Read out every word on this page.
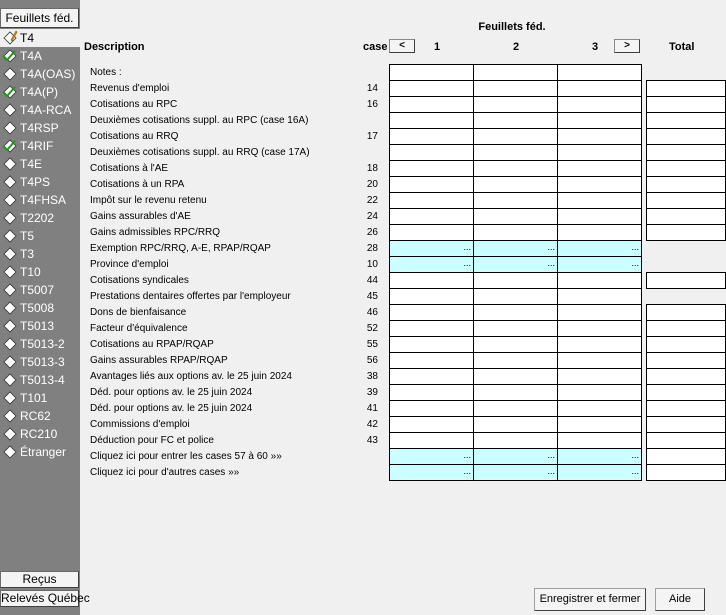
Feuillets féd.
T4
T4A
T4A(OAS)
T4A(P)
T4A-RCA
T4RSP
T4RIF
T4E
T4PS
T4FHSA
T2202
T5
T3
T10
T5007
T5008
T5013
T5013-2
T5013-3
T5013-4
T101
RC62
RC210
Étranger
Reçus
Relevés Québec
Feuillets féd.
Description	case	<	1	2	3	>	Total
Notes :
Revenus d'emploi	14
Cotisations au RPC	16
Deuxièmes cotisations suppl. au RPC (case 16A)
Cotisations au RRQ	17
Deuxièmes cotisations suppl. au RRQ (case 17A)
Cotisations à l'AE	18
Cotisations à un RPA	20
Impôt sur le revenu retenu	22
Gains assurables d'AE	24
Gains admissibles RPC/RRQ	26
Exemption RPC/RRQ, A-E, RPAP/RQAP	28	...	...	...
Province d'emploi	10	...	...	...
Cotisations syndicales	44
Prestations dentaires offertes par l'employeur	45
Dons de bienfaisance	46
Facteur d'équivalence	52
Cotisations au RPAP/RQAP	55
Gains assurables RPAP/RQAP	56
Avantages liés aux options av. le 25 juin 2024	38
Déd. pour options av. le 25 juin 2024	39
Déd. pour options av. le 25 juin 2024	41
Commissions d'emploi	42
Déduction pour FC et police	43
Cliquez ici pour entrer les cases 57 à 60 »»	...	...	...
Cliquez ici pour d'autres cases »»	...	...	...
Enregistrer et fermer	Aide
